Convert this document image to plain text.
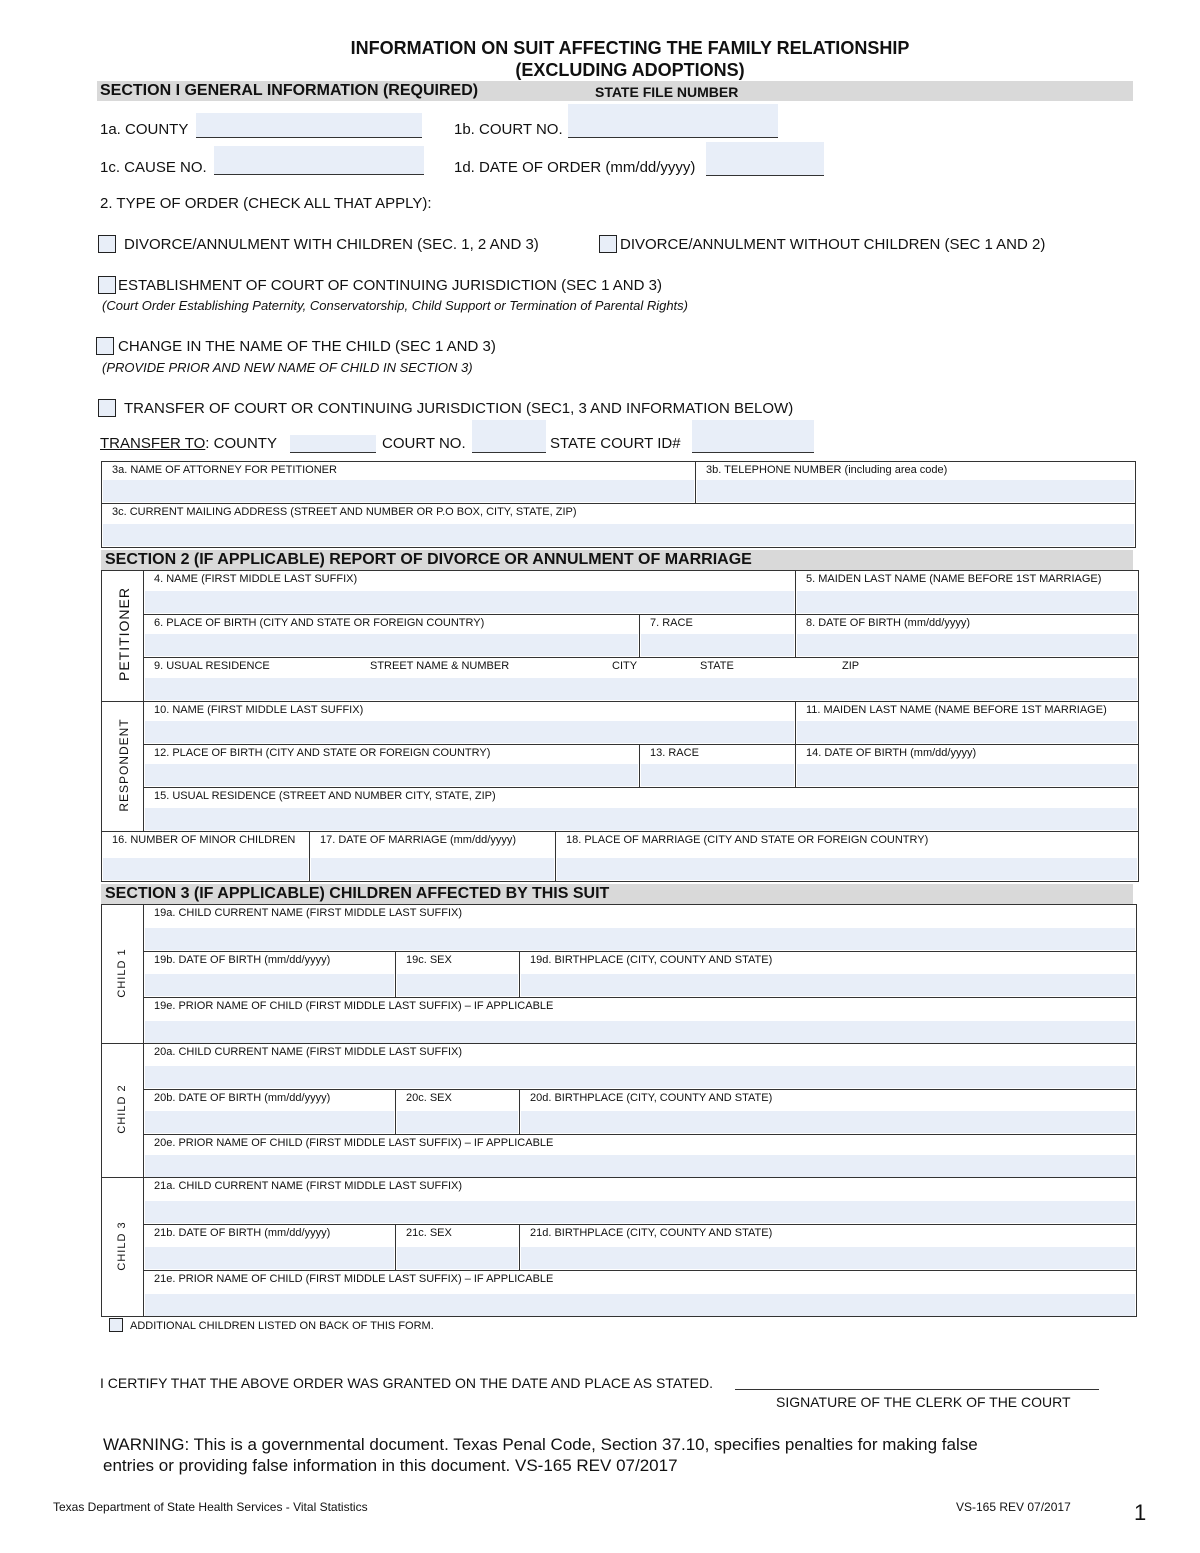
INFORMATION ON SUIT AFFECTING THE FAMILY RELATIONSHIP
(EXCLUDING ADOPTIONS)
SECTION I GENERAL INFORMATION (REQUIRED)	STATE FILE NUMBER
1a. COUNTY	1b. COURT NO.
1c. CAUSE NO.	1d. DATE OF ORDER (mm/dd/yyyy)
2. TYPE OF ORDER (CHECK ALL THAT APPLY):
DIVORCE/ANNULMENT WITH CHILDREN (SEC. 1, 2 AND 3)	DIVORCE/ANNULMENT WITHOUT CHILDREN (SEC 1 AND 2)
ESTABLISHMENT OF COURT OF CONTINUING JURISDICTION (SEC 1 AND 3)
(Court Order Establishing Paternity, Conservatorship, Child Support or Termination of Parental Rights)
CHANGE IN THE NAME OF THE CHILD (SEC 1 AND 3)
(PROVIDE PRIOR AND NEW NAME OF CHILD IN SECTION 3)
TRANSFER OF COURT OR CONTINUING JURISDICTION (SEC1, 3 AND INFORMATION BELOW)
TRANSFER TO: COUNTY	COURT NO.	STATE COURT ID#
3a. NAME OF ATTORNEY FOR PETITIONER	3b. TELEPHONE NUMBER (including area code)
3c. CURRENT MAILING ADDRESS (STREET AND NUMBER OR P.O BOX, CITY, STATE, ZIP)
SECTION 2 (IF APPLICABLE) REPORT OF DIVORCE OR ANNULMENT OF MARRIAGE
PETITIONER
4. NAME (FIRST MIDDLE LAST SUFFIX)	5. MAIDEN LAST NAME (NAME BEFORE 1ST MARRIAGE)
6. PLACE OF BIRTH (CITY AND STATE OR FOREIGN COUNTRY)	7. RACE	8. DATE OF BIRTH (mm/dd/yyyy)
9. USUAL RESIDENCE	STREET NAME & NUMBER	CITY	STATE	ZIP
RESPONDENT
10. NAME (FIRST MIDDLE LAST SUFFIX)	11. MAIDEN LAST NAME (NAME BEFORE 1ST MARRIAGE)
12. PLACE OF BIRTH (CITY AND STATE OR FOREIGN COUNTRY)	13. RACE	14. DATE OF BIRTH (mm/dd/yyyy)
15. USUAL RESIDENCE (STREET AND NUMBER CITY, STATE, ZIP)
16. NUMBER OF MINOR CHILDREN 17. DATE OF MARRIAGE (mm/dd/yyyy)	18. PLACE OF MARRIAGE (CITY AND STATE OR FOREIGN COUNTRY)
SECTION 3 (IF APPLICABLE) CHILDREN AFFECTED BY THIS SUIT
CHILD 1
19a. CHILD CURRENT NAME (FIRST MIDDLE LAST SUFFIX)
19b. DATE OF BIRTH (mm/dd/yyyy)	19c. SEX	19d. BIRTHPLACE (CITY, COUNTY AND STATE)
19e. PRIOR NAME OF CHILD (FIRST MIDDLE LAST SUFFIX) – IF APPLICABLE
CHILD 2
20a. CHILD CURRENT NAME (FIRST MIDDLE LAST SUFFIX)
20b. DATE OF BIRTH (mm/dd/yyyy)	20c. SEX	20d. BIRTHPLACE (CITY, COUNTY AND STATE)
20e. PRIOR NAME OF CHILD (FIRST MIDDLE LAST SUFFIX) – IF APPLICABLE
CHILD 3
21a. CHILD CURRENT NAME (FIRST MIDDLE LAST SUFFIX)
21b. DATE OF BIRTH (mm/dd/yyyy)	21c. SEX	21d. BIRTHPLACE (CITY, COUNTY AND STATE)
21e. PRIOR NAME OF CHILD (FIRST MIDDLE LAST SUFFIX) – IF APPLICABLE
ADDITIONAL CHILDREN LISTED ON BACK OF THIS FORM.
I CERTIFY THAT THE ABOVE ORDER WAS GRANTED ON THE DATE AND PLACE AS STATED.
SIGNATURE OF THE CLERK OF THE COURT
WARNING: This is a governmental document. Texas Penal Code, Section 37.10, specifies penalties for making false
entries or providing false information in this document. VS-165 REV 07/2017
Texas Department of State Health Services - Vital Statistics	VS-165 REV 07/2017	1
